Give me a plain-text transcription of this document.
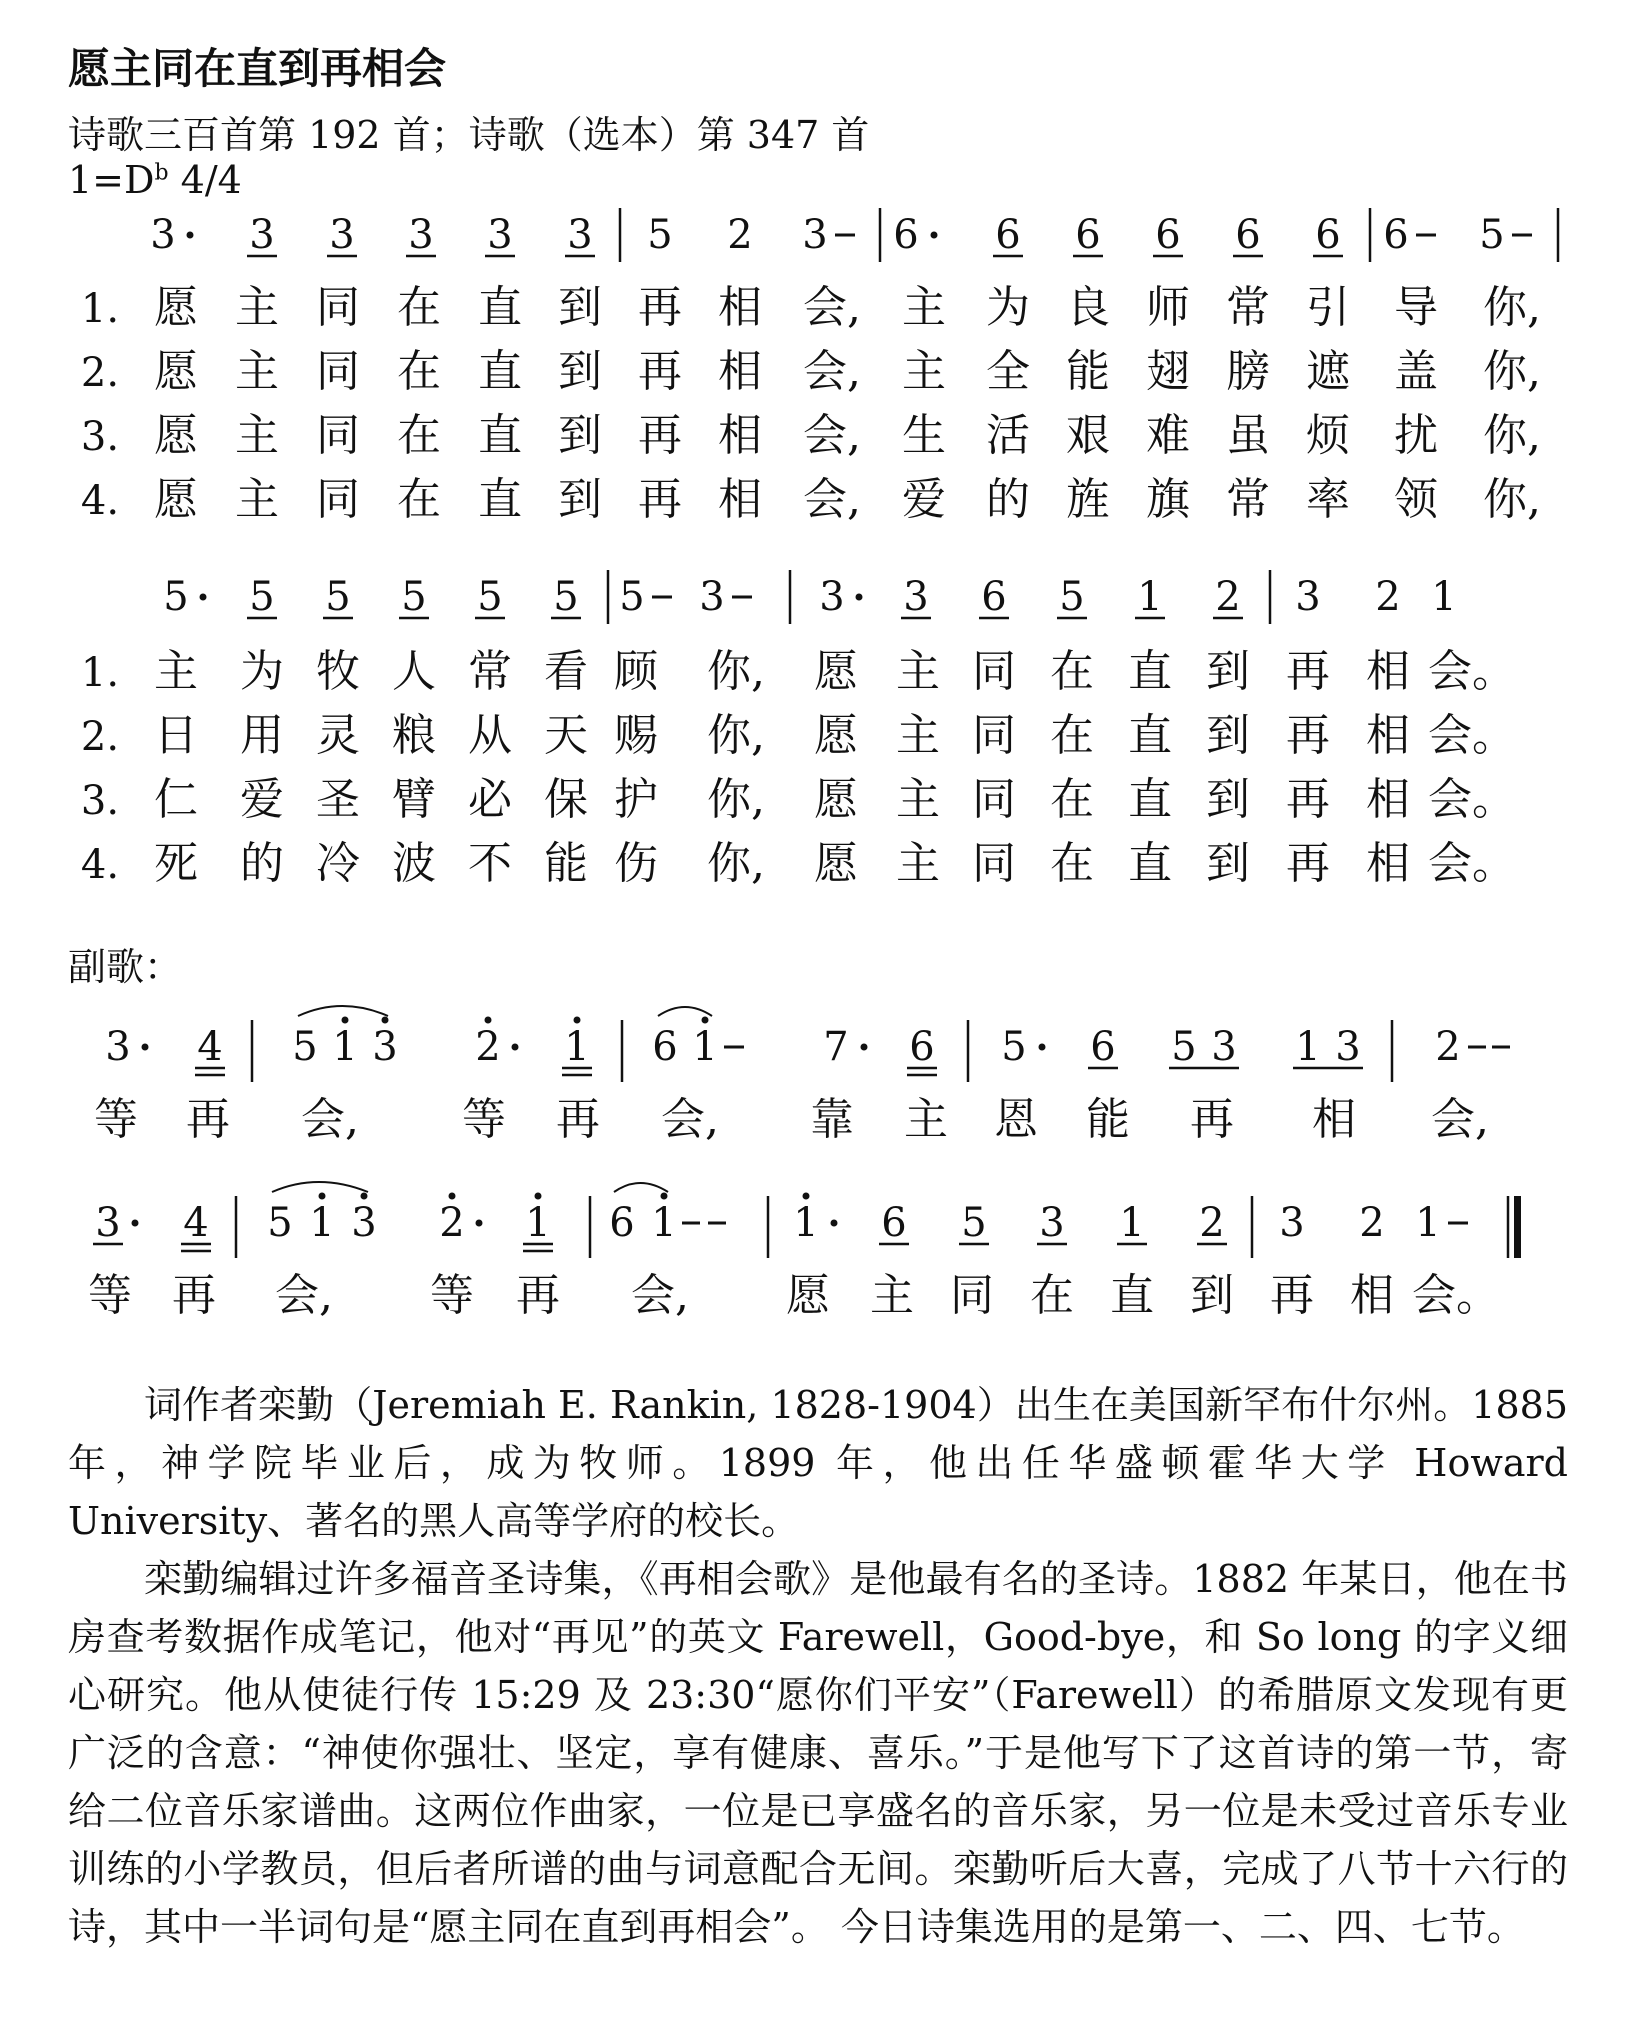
愿主同在直到再相会
诗歌三百首第 192 首；诗歌（选本）第 347 首
$1=D^b$ 4/4
3 3 3 3 3 3 5 2 3 6 6 6 6 6 6 6 5
1. 愿 主 同 在 直 到 再 相 会, 主 为 良 师 常 引 导 你,
2. 愿 主 同 在 直 到 再 相 会, 主 全 能 翅 膀 遮 盖 你,
3. 愿 主 同 在 直 到 再 相 会, 生 活 艰 难 虽 烦 扰 你,
4. 愿 主 同 在 直 到 再 相 会, 爱 的 旌 旗 常 率 领 你,
5 5 5 5 5 5 5 3 3 3 6 5 1 2 3 2 1
1. 主 为 牧 人 常 看 顾 你, 愿 主 同 在 直 到 再 相 会。
2. 日 用 灵 粮 从 天 赐 你, 愿 主 同 在 直 到 再 相 会。
3. 仁 爱 圣 臂 必 保 护 你, 愿 主 同 在 直 到 再 相 会。
4. 死 的 冷 波 不 能 伤 你, 愿 主 同 在 直 到 再 相 会。
3 4 5 1 3 2 1 6 1	7 6 5 6 5 3 1 3 2
等 再 会, 等 再 会, 靠 主 恩 能 再 相 会,
3 4 5 1 3 2 1 6 1	1 6 5 3 1 2 3 2 1
等 再 会, 等 再 会, 愿 主 同 在 直 到 再 相 会。
副歌：

词作者栾勤（Jeremiah E. Rankin, 1828-1904）出生在美国新罕布什尔州。1885 年，神学院毕业后，成为牧师。1899 年，他出任华盛顿霍华大学 Howard University、著名的黑人高等学府的校长。

栾勤编辑过许多福音圣诗集，《再相会歌》是他最有名的圣诗。1882 年某日，他在书房查考数据作成笔记，他对“再见”的英文 Farewell，Good-bye，和 So long 的字义细心研究。他从使徒行传 15:29 及 23:30“愿你们平安”（Farewell）的希腊原文发现有更广泛的含意：“神使你强壮、坚定，享有健康、喜乐。”于是他写下了这首诗的第一节，寄给二位音乐家谱曲。这两位作曲家，一位是已享盛名的音乐家，另一位是未受过音乐专业训练的小学教员，但后者所谱的曲与词意配合无间。栾勤听后大喜，完成了八节十六行的诗，其中一半词句是“愿主同在直到再相会”。 今日诗集选用的是第一、二、四、七节。
